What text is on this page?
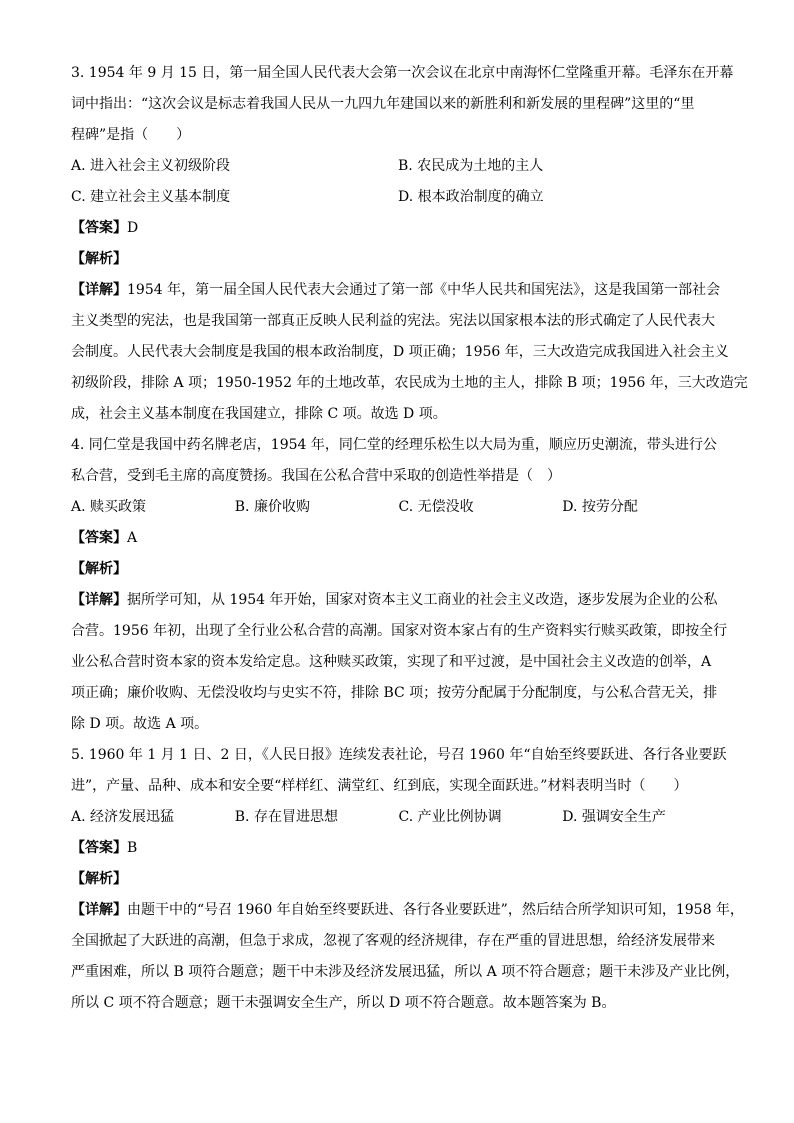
3. 1954 年 9 月 15 日，第一届全国人民代表大会第一次会议在北京中南海怀仁堂隆重开幕。毛泽东在开幕

词中指出：“这次会议是标志着我国人民从一九四九年建国以来的新胜利和新发展的里程碑”这里的“里

程碑”是指（　　）

A. 进入社会主义初级阶段	B. 农民成为土地的主人
C. 建立社会主义基本制度	D. 根本政治制度的确立
【答案】D
【解析】

【详解】1954 年，第一届全国人民代表大会通过了第一部《中华人民共和国宪法》，这是我国第一部社会

主义类型的宪法，也是我国第一部真正反映人民利益的宪法。宪法以国家根本法的形式确定了人民代表大

会制度。人民代表大会制度是我国的根本政治制度，D 项正确；1956 年，三大改造完成我国进入社会主义

初级阶段，排除 A 项；1950-1952 年的土地改革，农民成为土地的主人，排除 B 项；1956 年，三大改造完

成，社会主义基本制度在我国建立，排除 C 项。故选 D 项。

4. 同仁堂是我国中药名牌老店，1954 年，同仁堂的经理乐松生以大局为重，顺应历史潮流，带头进行公

私合营，受到毛主席的高度赞扬。我国在公私合营中采取的创造性举措是（　）

A. 赎买政策	B. 廉价收购	C. 无偿没收	D. 按劳分配
【答案】A
【解析】

【详解】据所学可知，从 1954 年开始，国家对资本主义工商业的社会主义改造，逐步发展为企业的公私

合营。1956 年初，出现了全行业公私合营的高潮。国家对资本家占有的生产资料实行赎买政策，即按全行

业公私合营时资本家的资本发给定息。这种赎买政策，实现了和平过渡，是中国社会主义改造的创举，A

项正确；廉价收购、无偿没收均与史实不符，排除 BC 项；按劳分配属于分配制度，与公私合营无关，排

除 D 项。故选 A 项。

5. 1960 年 1 月 1 日、2 日，《人民日报》连续发表社论，号召 1960 年“自始至终要跃进、各行各业要跃

进”，产量、品种、成本和安全要“样样红、满堂红、红到底，实现全面跃进。”材料表明当时（　　）

A. 经济发展迅猛	B. 存在冒进思想	C. 产业比例协调	D. 强调安全生产
【答案】B
【解析】

【详解】由题干中的“号召 1960 年自始至终要跃进、各行各业要跃进”，然后结合所学知识可知，1958 年，

全国掀起了大跃进的高潮，但急于求成，忽视了客观的经济规律，存在严重的冒进思想，给经济发展带来

严重困难，所以 B 项符合题意；题干中未涉及经济发展迅猛，所以 A 项不符合题意；题干未涉及产业比例，

所以 C 项不符合题意；题干未强调安全生产，所以 D 项不符合题意。故本题答案为 B。
